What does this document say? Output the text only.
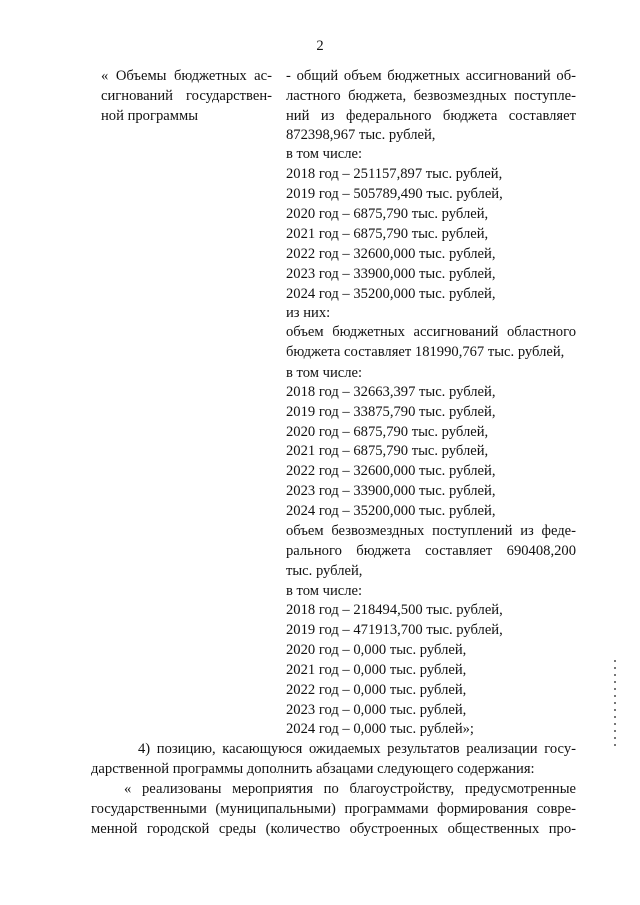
2
« Объемы бюджетных ас-
сигнований государствен-
ной программы
- общий объем бюджетных ассигнований об-
ластного бюджета, безвозмездных поступле-
ний из федерального бюджета составляет
872398,967 тыс. рублей,
в том числе:
2018 год – 251157,897 тыс. рублей,
2019 год – 505789,490 тыс. рублей,
2020 год – 6875,790 тыс. рублей,
2021 год – 6875,790 тыс. рублей,
2022 год – 32600,000 тыс. рублей,
2023 год – 33900,000 тыс. рублей,
2024 год – 35200,000 тыс. рублей,
из них:
объем бюджетных ассигнований областного
бюджета составляет 181990,767 тыс. рублей,
в том числе:
2018 год – 32663,397 тыс. рублей,
2019 год – 33875,790 тыс. рублей,
2020 год – 6875,790 тыс. рублей,
2021 год – 6875,790 тыс. рублей,
2022 год – 32600,000 тыс. рублей,
2023 год – 33900,000 тыс. рублей,
2024 год – 35200,000 тыс. рублей,
объем безвозмездных поступлений из феде-
рального бюджета составляет 690408,200
тыс. рублей,
в том числе:
2018 год – 218494,500 тыс. рублей,
2019 год – 471913,700 тыс. рублей,
2020 год – 0,000 тыс. рублей,
2021 год – 0,000 тыс. рублей,
2022 год – 0,000 тыс. рублей,
2023 год – 0,000 тыс. рублей,
2024 год – 0,000 тыс. рублей»;
4) позицию, касающуюся ожидаемых результатов реализации госу-
дарственной программы дополнить абзацами следующего содержания:
« реализованы мероприятия по благоустройству, предусмотренные
государственными (муниципальными) программами формирования совре-
менной городской среды (количество обустроенных общественных про-
